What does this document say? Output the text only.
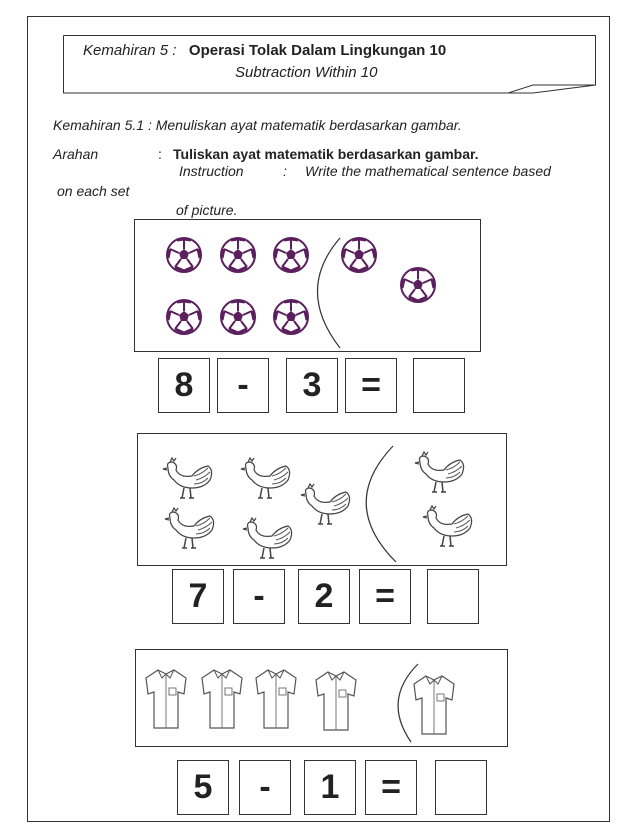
Kemahiran 5 : Operasi Tolak Dalam Lingkungan 10
Subtraction Within 10
Kemahiran 5.1 : Menuliskan ayat matematik berdasarkan gambar.
Arahan	: Tuliskan ayat matematik berdasarkan gambar.
Instruction	: Write the mathematical sentence based
on each set
of picture.
8	-	3	=
7	-	2	=
5	-	1	=
